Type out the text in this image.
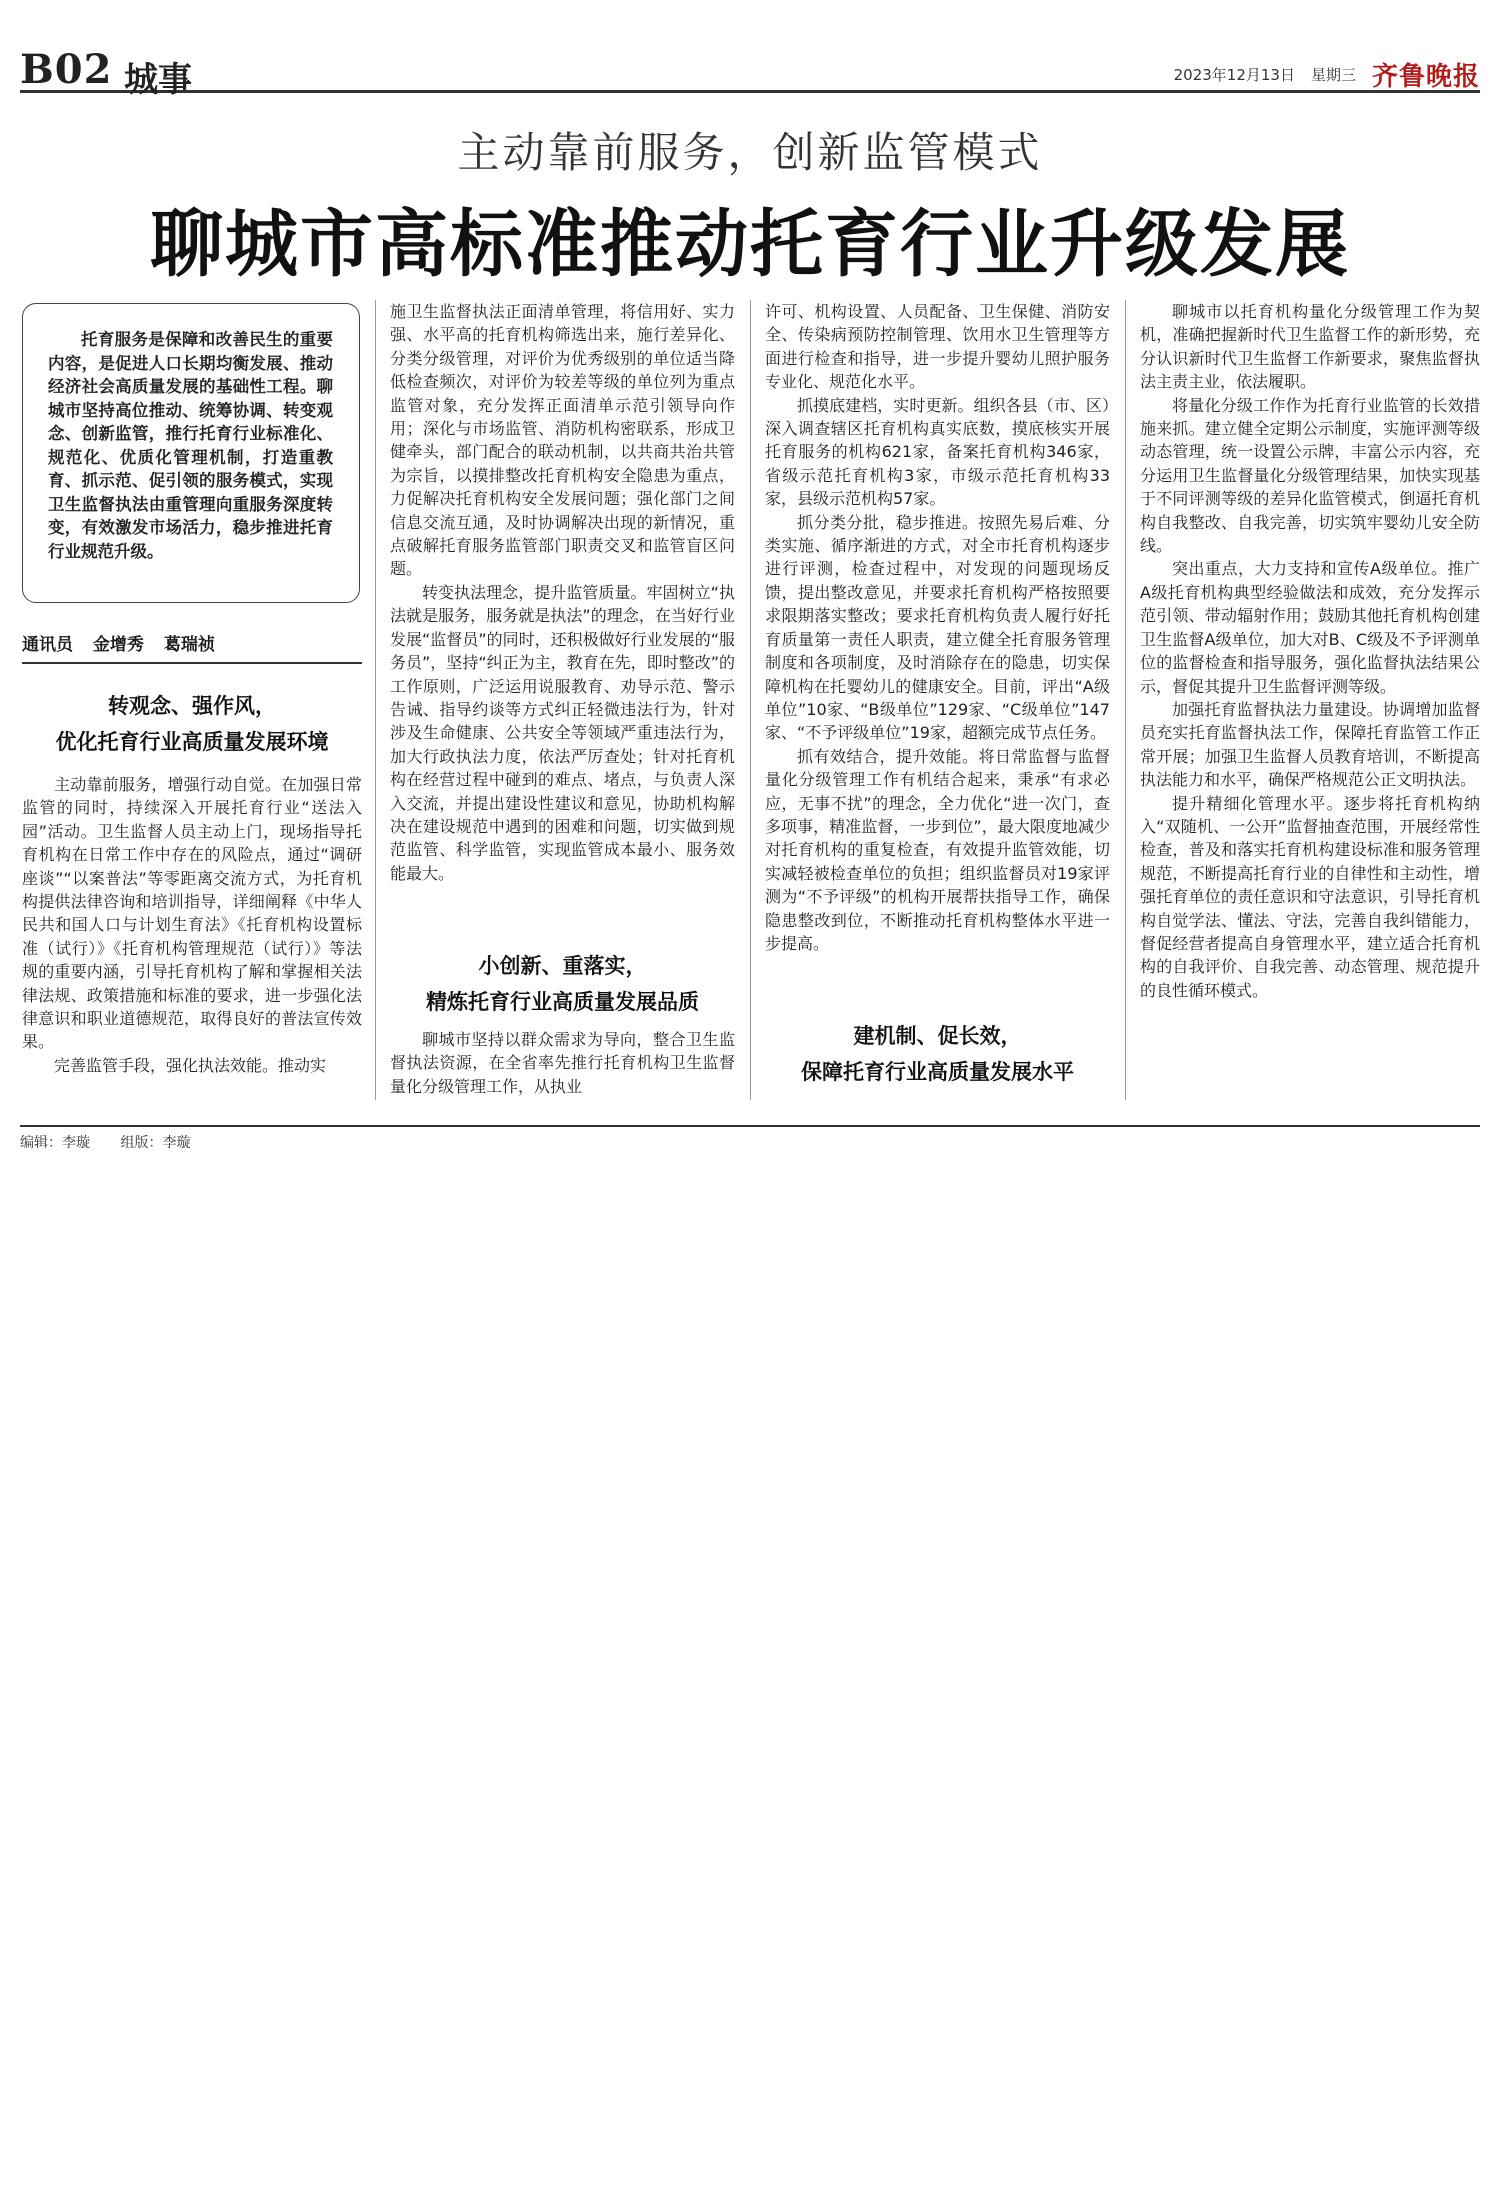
B02 城事	2023年12月13日 星期三 齐鲁晚报
主动靠前服务，创新监管模式
聊城市高标准推动托育行业升级发展

托育服务是保障和改善民生的重要内容，是促进人口长期均衡发展、推动经济社会高质量发展的基础性工程。聊城市坚持高位推动、统筹协调、转变观念、创新监管，推行托育行业标准化、规范化、优质化管理机制，打造重教育、抓示范、促引领的服务模式，实现卫生监督执法由重管理向重服务深度转变，有效激发市场活力，稳步推进托育行业规范升级。

通讯员 金增秀 葛瑞祯
转观念、强作风，
优化托育行业高质量发展环境

主动靠前服务，增强行动自觉。在加强日常监管的同时，持续深入开展托育行业“送法入园”活动。卫生监督人员主动上门，现场指导托育机构在日常工作中存在的风险点，通过“调研座谈”“以案普法”等零距离交流方式，为托育机构提供法律咨询和培训指导，详细阐释《中华人民共和国人口与计划生育法》《托育机构设置标准（试行）》《托育机构管理规范（试行）》等法规的重要内涵，引导托育机构了解和掌握相关法律法规、政策措施和标准的要求，进一步强化法律意识和职业道德规范，取得良好的普法宣传效果。

完善监管手段，强化执法效能。推动实

施卫生监督执法正面清单管理，将信用好、实力强、水平高的托育机构筛选出来，施行差异化、分类分级管理，对评价为优秀级别的单位适当降低检查频次，对评价为较差等级的单位列为重点监管对象，充分发挥正面清单示范引领导向作用；深化与市场监管、消防机构密联系，形成卫健牵头，部门配合的联动机制，以共商共治共管为宗旨，以摸排整改托育机构安全隐患为重点，力促解决托育机构安全发展问题；强化部门之间信息交流互通，及时协调解决出现的新情况，重点破解托育服务监管部门职责交叉和监管盲区问题。

转变执法理念，提升监管质量。牢固树立“执法就是服务，服务就是执法”的理念，在当好行业发展“监督员”的同时，还积极做好行业发展的“服务员”，坚持“纠正为主，教育在先，即时整改”的工作原则，广泛运用说服教育、劝导示范、警示告诫、指导约谈等方式纠正轻微违法行为，针对涉及生命健康、公共安全等领域严重违法行为，加大行政执法力度，依法严厉查处；针对托育机构在经营过程中碰到的难点、堵点，与负责人深入交流，并提出建设性建议和意见，协助机构解决在建设规范中遇到的困难和问题，切实做到规范监管、科学监管，实现监管成本最小、服务效能最大。

小创新、重落实，
精炼托育行业高质量发展品质

聊城市坚持以群众需求为导向，整合卫生监督执法资源，在全省率先推行托育机构卫生监督量化分级管理工作，从执业

许可、机构设置、人员配备、卫生保健、消防安全、传染病预防控制管理、饮用水卫生管理等方面进行检查和指导，进一步提升婴幼儿照护服务专业化、规范化水平。

抓摸底建档，实时更新。组织各县（市、区）深入调查辖区托育机构真实底数，摸底核实开展托育服务的机构621家，备案托育机构346家，省级示范托育机构3家，市级示范托育机构33家，县级示范机构57家。

抓分类分批，稳步推进。按照先易后难、分类实施、循序渐进的方式，对全市托育机构逐步进行评测，检查过程中，对发现的问题现场反馈，提出整改意见，并要求托育机构严格按照要求限期落实整改；要求托育机构负责人履行好托育质量第一责任人职责，建立健全托育服务管理制度和各项制度，及时消除存在的隐患，切实保障机构在托婴幼儿的健康安全。目前，评出“A级单位”10家、“B级单位”129家、“C级单位”147家、“不予评级单位”19家，超额完成节点任务。

抓有效结合，提升效能。将日常监督与监督量化分级管理工作有机结合起来，秉承“有求必应，无事不扰”的理念，全力优化“进一次门，查多项事，精准监督，一步到位”，最大限度地减少对托育机构的重复检查，有效提升监管效能，切实减轻被检查单位的负担；组织监督员对19家评测为“不予评级”的机构开展帮扶指导工作，确保隐患整改到位，不断推动托育机构整体水平进一步提高。

建机制、促长效，
保障托育行业高质量发展水平

聊城市以托育机构量化分级管理工作为契机，准确把握新时代卫生监督工作的新形势，充分认识新时代卫生监督工作新要求，聚焦监督执法主责主业，依法履职。

将量化分级工作作为托育行业监管的长效措施来抓。建立健全定期公示制度，实施评测等级动态管理，统一设置公示牌，丰富公示内容，充分运用卫生监督量化分级管理结果，加快实现基于不同评测等级的差异化监管模式，倒逼托育机构自我整改、自我完善，切实筑牢婴幼儿安全防线。

突出重点，大力支持和宣传A级单位。推广A级托育机构典型经验做法和成效，充分发挥示范引领、带动辐射作用；鼓励其他托育机构创建卫生监督A级单位，加大对B、C级及不予评测单位的监督检查和指导服务，强化监督执法结果公示，督促其提升卫生监督评测等级。

加强托育监督执法力量建设。协调增加监督员充实托育监督执法工作，保障托育监管工作正常开展；加强卫生监督人员教育培训，不断提高执法能力和水平，确保严格规范公正文明执法。

提升精细化管理水平。逐步将托育机构纳入“双随机、一公开”监督抽查范围，开展经常性检查，普及和落实托育机构建设标准和服务管理规范，不断提高托育行业的自律性和主动性，增强托育单位的责任意识和守法意识，引导托育机构自觉学法、懂法、守法，完善自我纠错能力，督促经营者提高自身管理水平，建立适合托育机构的自我评价、自我完善、动态管理、规范提升的良性循环模式。

编辑：李璇 组版：李璇
